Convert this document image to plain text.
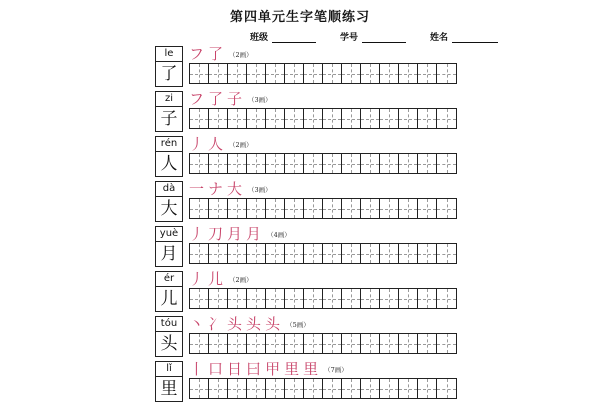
第四单元生字笔顺练习
班级	学号	姓名
le
了
フ 了 （2画）
zi
子
フ 了 子 （3画）
rén
人
丿 人 （2画）
dà
大
一 ナ 大 （3画）
yuè
月
丿 刀 月 月 （4画）
ér
儿
丿 儿 （2画）
tóu
头
丶 冫 头 头 头 （5画）
lǐ
里
丨 口 日 曰 甲 里 里 （7画）
